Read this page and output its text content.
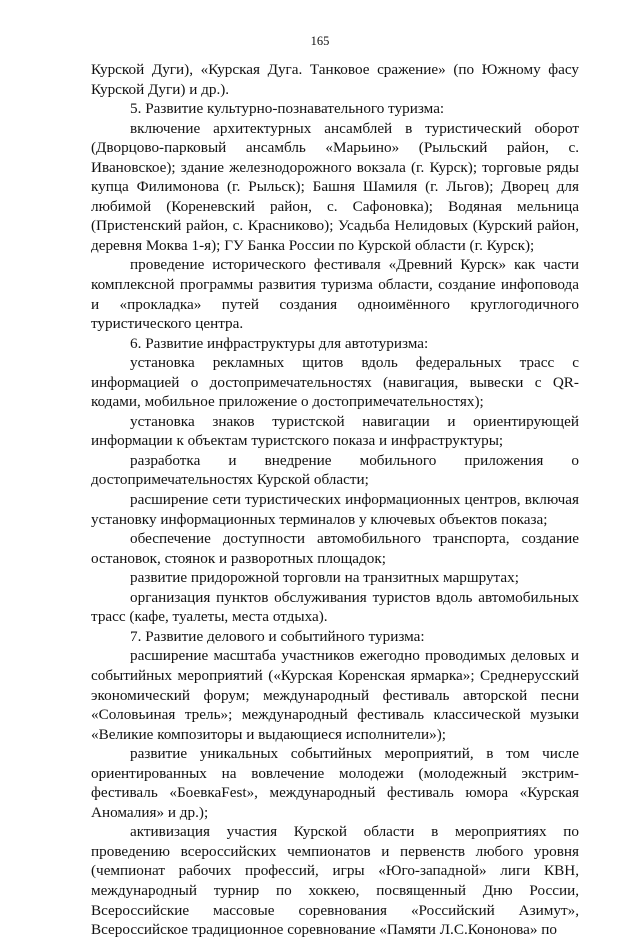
165

Курской Дуги), «Курская Дуга. Танковое сражение» (по Южному фасу Курской Дуги) и др.).

5. Развитие культурно-познавательного туризма:

включение архитектурных ансамблей в туристический оборот (Дворцово-парковый ансамбль «Марьино» (Рыльский район, с. Ивановское); здание железнодорожного вокзала (г. Курск); торговые ряды купца Филимонова (г. Рыльск); Башня Шамиля (г. Льгов); Дворец для любимой (Кореневский район, с. Сафоновка); Водяная мельница (Пристенский район, с. Красниково); Усадьба Нелидовых (Курский район, деревня Моква 1-я); ГУ Банка России по Курской области (г. Курск);

проведение исторического фестиваля «Древний Курск» как части комплексной программы развития туризма области, создание инфоповода и «прокладка» путей создания одноимённого круглогодичного туристического центра.

6. Развитие инфраструктуры для автотуризма:

установка рекламных щитов вдоль федеральных трасс с информацией о достопримечательностях (навигация, вывески с QR-кодами, мобильное приложение о достопримечательностях);

установка знаков туристской навигации и ориентирующей информации к объектам туристского показа и инфраструктуры;

разработка и внедрение мобильного приложения о достопримечательностях Курской области;

расширение сети туристических информационных центров, включая установку информационных терминалов у ключевых объектов показа;

обеспечение доступности автомобильного транспорта, создание остановок, стоянок и разворотных площадок;

развитие придорожной торговли на транзитных маршрутах;

организация пунктов обслуживания туристов вдоль автомобильных трасс (кафе, туалеты, места отдыха).

7. Развитие делового и событийного туризма:

расширение масштаба участников ежегодно проводимых деловых и событийных мероприятий («Курская Коренская ярмарка»; Среднерусский экономический форум; международный фестиваль авторской песни «Соловьиная трель»; международный фестиваль классической музыки «Великие композиторы и выдающиеся исполнители»);

развитие уникальных событийных мероприятий, в том числе ориентированных на вовлечение молодежи (молодежный экстрим-фестиваль «БоевкаFest», международный фестиваль юмора «Курская Аномалия» и др.);

активизация участия Курской области в мероприятиях по проведению всероссийских чемпионатов и первенств любого уровня (чемпионат рабочих профессий, игры «Юго-западной» лиги КВН, международный турнир по хоккею, посвященный Дню России, Всероссийские массовые соревнования «Российский Азимут», Всероссийское традиционное соревнование «Памяти Л.С.Кононова» по
